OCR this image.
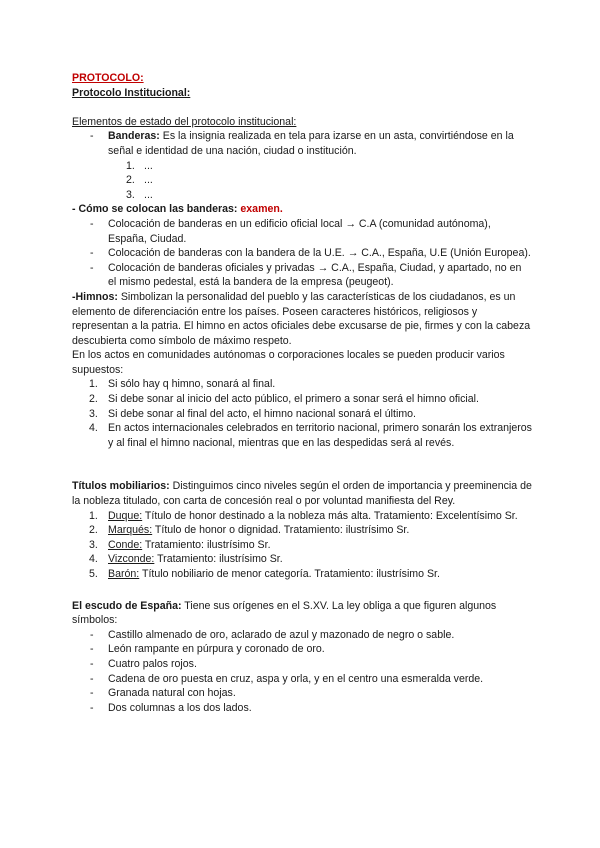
PROTOCOLO:

Protocolo Institucional:

Elementos de estado del protocolo institucional:

- Banderas: Es la insignia realizada en tela para izarse en un asta, convirtiéndose en la señal e identidad de una nación, ciudad o institución.
1. ...
2. ...
3. ...

- Cómo se colocan las banderas: examen.

- Colocación de banderas en un edificio oficial local → C.A (comunidad autónoma), España, Ciudad.
- Colocación de banderas con la bandera de la U.E. → C.A., España, U.E (Unión Europea).
- Colocación de banderas oficiales y privadas → C.A., España, Ciudad, y apartado, no en el mismo pedestal, está la bandera de la empresa (peugeot).

-Himnos: Simbolizan la personalidad del pueblo y las características de los ciudadanos, es un elemento de diferenciación entre los países. Poseen caracteres históricos, religiosos y representan a la patria. El himno en actos oficiales debe excusarse de pie, firmes y con la cabeza descubierta como símbolo de máximo respeto.

En los actos en comunidades autónomas o corporaciones locales se pueden producir varios supuestos:

1. Si sólo hay q himno, sonará al final.
2. Si debe sonar al inicio del acto público, el primero a sonar será el himno oficial.
3. Si debe sonar al final del acto, el himno nacional sonará el último.
4. En actos internacionales celebrados en territorio nacional, primero sonarán los extranjeros y al final el himno nacional, mientras que en las despedidas será al revés.

Títulos mobiliarios: Distinguimos cinco niveles según el orden de importancia y preeminencia de la nobleza titulado, con carta de concesión real o por voluntad manifiesta del Rey.

1. Duque: Título de honor destinado a la nobleza más alta. Tratamiento: Excelentísimo Sr.
2. Marqués: Título de honor o dignidad. Tratamiento: ilustrísimo Sr.
3. Conde: Tratamiento: ilustrísimo Sr.
4. Vizconde: Tratamiento: ilustrísimo Sr.
5. Barón: Título nobiliario de menor categoría. Tratamiento: ilustrísimo Sr.

El escudo de España: Tiene sus orígenes en el S.XV. La ley obliga a que figuren algunos símbolos:

- Castillo almenado de oro, aclarado de azul y mazonado de negro o sable.
- León rampante en púrpura y coronado de oro.
- Cuatro palos rojos.
- Cadena de oro puesta en cruz, aspa y orla, y en el centro una esmeralda verde.
- Granada natural con hojas.
- Dos columnas a los dos lados.
